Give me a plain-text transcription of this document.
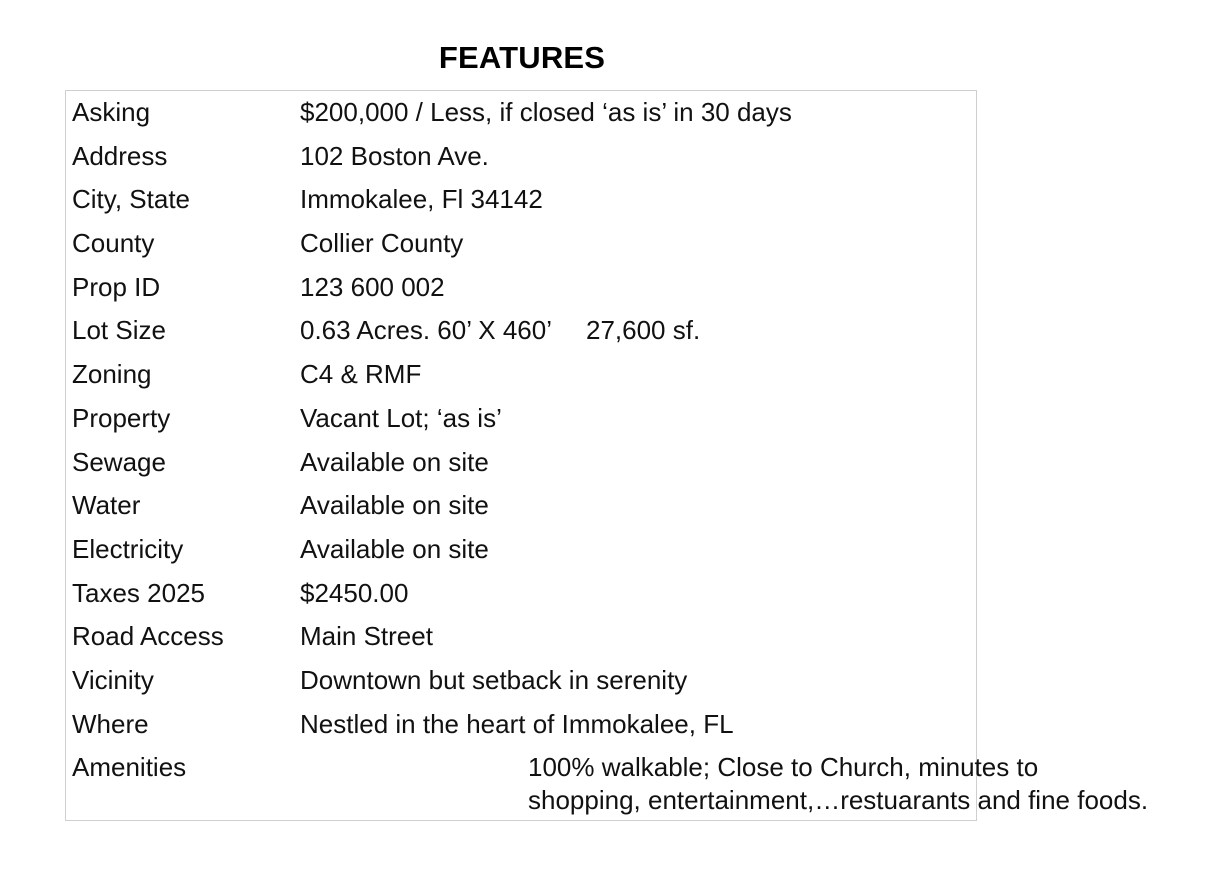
FEATURES
Asking	$200,000 / Less, if closed ‘as is’ in 30 days
Address	102 Boston Ave.
City, State	Immokalee, Fl 34142
County	Collier County
Prop ID	123 600 002
Lot Size	0.63 Acres. 60’ X 460’ 27,600 sf.
Zoning	C4 & RMF
Property	Vacant Lot; ‘as is’
Sewage	Available on site
Water	Available on site
Electricity	Available on site
Taxes 2025	$2450.00
Road Access	Main Street
Vicinity	Downtown but setback in serenity
Where	Nestled in the heart of Immokalee, FL
Amenities	100% walkable; Close to Church, minutes to
shopping, entertainment,…restuarants and fine foods.
